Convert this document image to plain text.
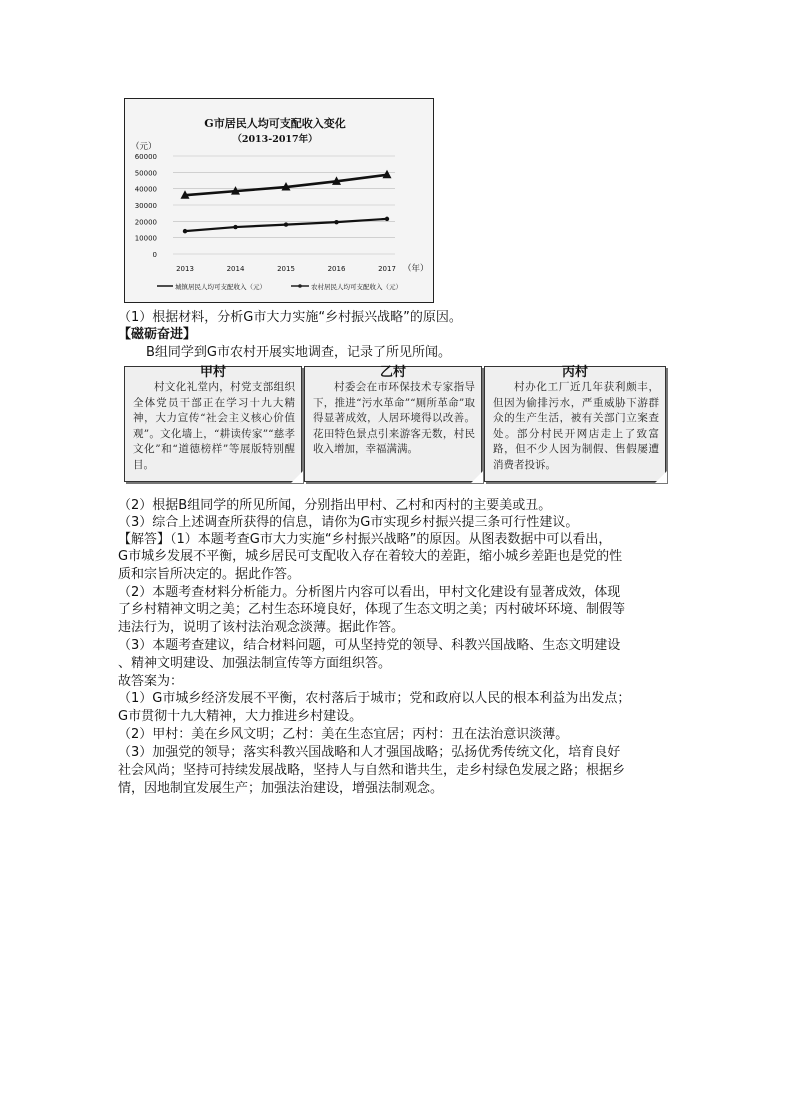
G市居民人均可支配收入变化
（2013-2017年）
（元）
（年）
0
10000
20000
30000
40000
50000
60000
2013	2014	2015	2016	2017
城镇居民人均可支配收入（元）	农村居民人均可支配收入（元）
（1）根据材料，分析G市大力实施“乡村振兴战略”的原因。
【磁砺奋进】
B组同学到G市农村开展实地调查，记录了所见所闻。
甲村
村文化礼堂内，村党支部组织全体党员干部正在学习十九大精神，大力宣传“社会主义核心价值观”。文化墙上，“耕读传家”“慈孝文化”和“道德榜样”等展版特别醒目。
乙村
村委会在市环保技术专家指导下，推进“污水革命”“厕所革命”取得显著成效，人居环境得以改善。花田特色景点引来游客无数，村民收入增加，幸福满满。
丙村
村办化工厂近几年获利颇丰，但因为偷排污水，严重威胁下游群众的生产生活，被有关部门立案查处。部分村民开网店走上了致富路，但不少人因为制假、售假屡遭消费者投诉。
（2）根据B组同学的所见所闻，分别指出甲村、乙村和丙村的主要美或丑。
（3）综合上述调查所获得的信息，请你为G市实现乡村振兴提三条可行性建议。
【解答】（1）本题考查G市大力实施“乡村振兴战略”的原因。从图表数据中可以看出，
G市城乡发展不平衡，城乡居民可支配收入存在着较大的差距，缩小城乡差距也是党的性
质和宗旨所决定的。据此作答。
（2）本题考查材料分析能力。分析图片内容可以看出，甲村文化建设有显著成效，体现
了乡村精神文明之美；乙村生态环境良好，体现了生态文明之美；丙村破坏环境、制假等
违法行为，说明了该村法治观念淡薄。据此作答。
（3）本题考查建议，结合材料问题，可从坚持党的领导、科教兴国战略、生态文明建设
、精神文明建设、加强法制宣传等方面组织答。
故答案为：
（1）G市城乡经济发展不平衡，农村落后于城市；党和政府以人民的根本利益为出发点；
G市贯彻十九大精神，大力推进乡村建设。
（2）甲村：美在乡风文明；乙村：美在生态宜居；丙村：丑在法治意识淡薄。
（3）加强党的领导；落实科教兴国战略和人才强国战略；弘扬优秀传统文化，培育良好
社会风尚；坚持可持续发展战略，坚持人与自然和谐共生，走乡村绿色发展之路；根据乡
情，因地制宜发展生产；加强法治建设，增强法制观念。
